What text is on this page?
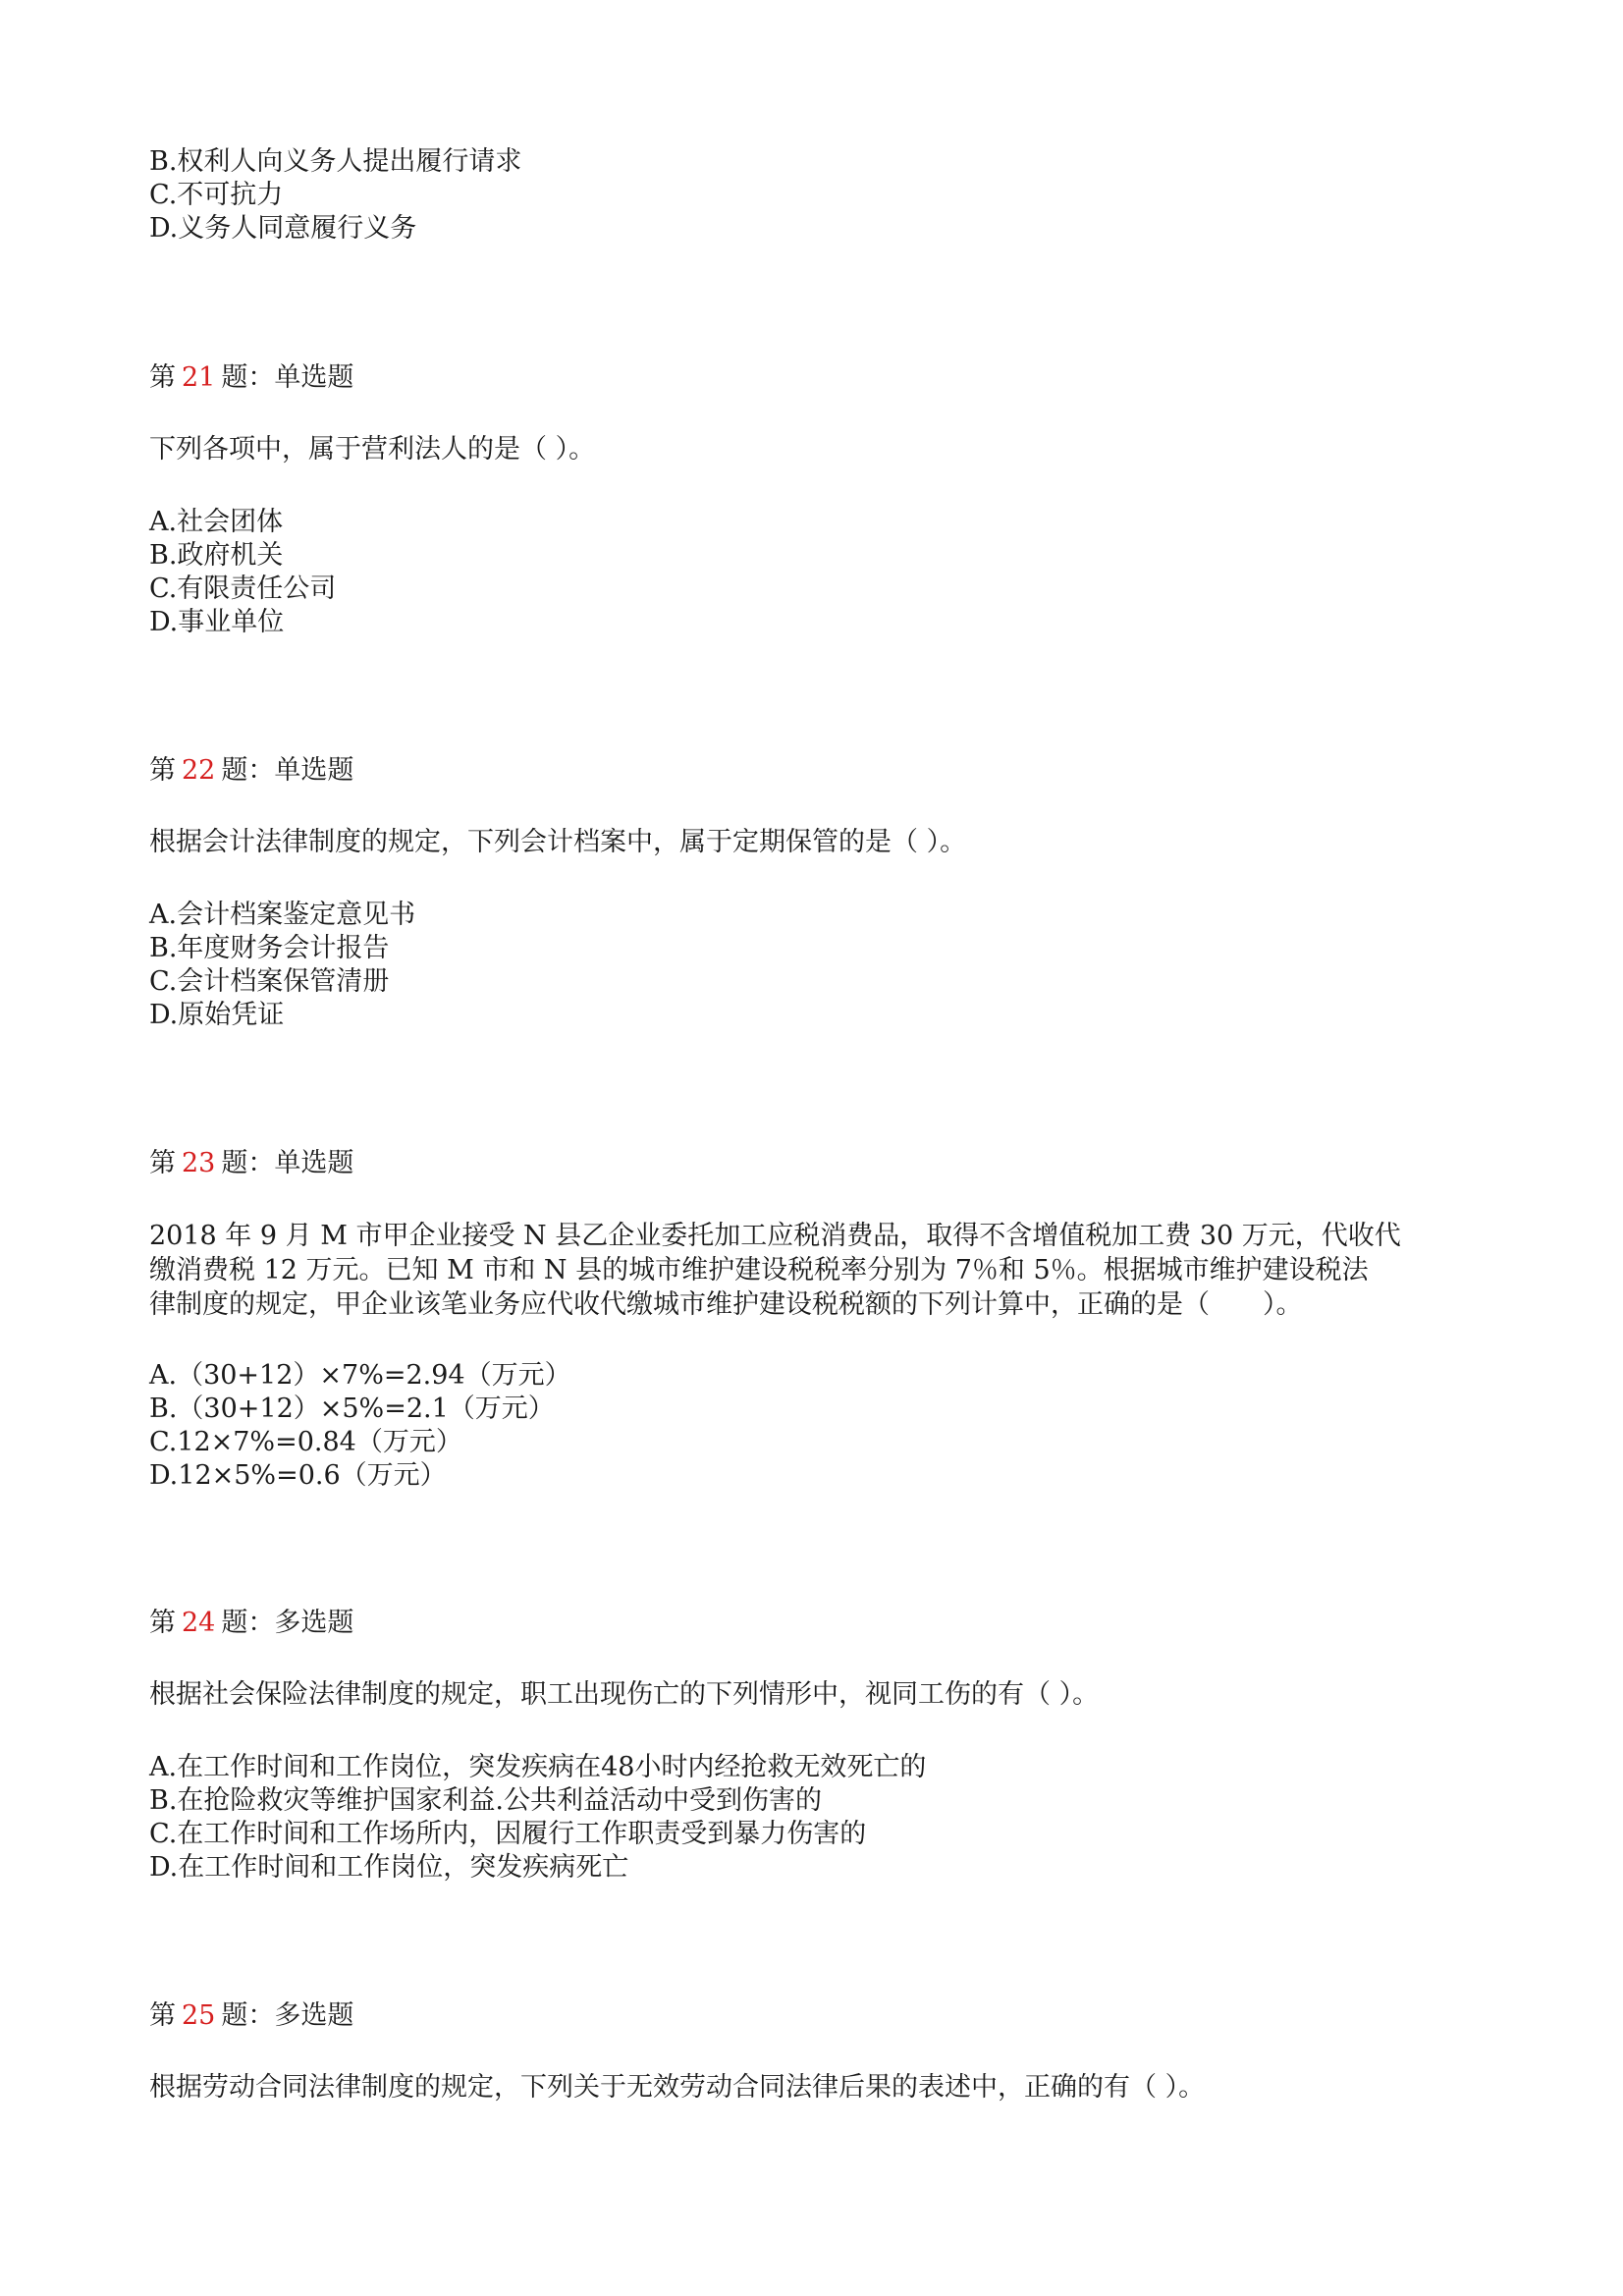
B.权利人向义务人提出履行请求

C.不可抗力

D.义务人同意履行义务

第 21 题：单选题

下列各项中，属于营利法人的是（ ）。

A.社会团体

B.政府机关

C.有限责任公司

D.事业单位

第 22 题：单选题

根据会计法律制度的规定，下列会计档案中，属于定期保管的是（ ）。

A.会计档案鉴定意见书

B.年度财务会计报告

C.会计档案保管清册

D.原始凭证

第 23 题：单选题

2018 年 9 月 M 市甲企业接受 N 县乙企业委托加工应税消费品，取得不含增值税加工费 30 万元，代收代
缴消费税 12 万元。已知 M 市和 N 县的城市维护建设税税率分别为 7％和 5％。根据城市维护建设税法
律制度的规定，甲企业该笔业务应代收代缴城市维护建设税税额的下列计算中，正确的是（　　）。

A.（30+12）×7%=2.94（万元）

B.（30+12）×5%=2.1（万元）

C.12×7%=0.84（万元）

D.12×5%=0.6（万元）

第 24 题：多选题

根据社会保险法律制度的规定，职工出现伤亡的下列情形中，视同工伤的有（ ）。

A.在工作时间和工作岗位，突发疾病在48小时内经抢救无效死亡的

B.在抢险救灾等维护国家利益.公共利益活动中受到伤害的

C.在工作时间和工作场所内，因履行工作职责受到暴力伤害的

D.在工作时间和工作岗位，突发疾病死亡

第 25 题：多选题

根据劳动合同法律制度的规定，下列关于无效劳动合同法律后果的表述中，正确的有（ ）。
